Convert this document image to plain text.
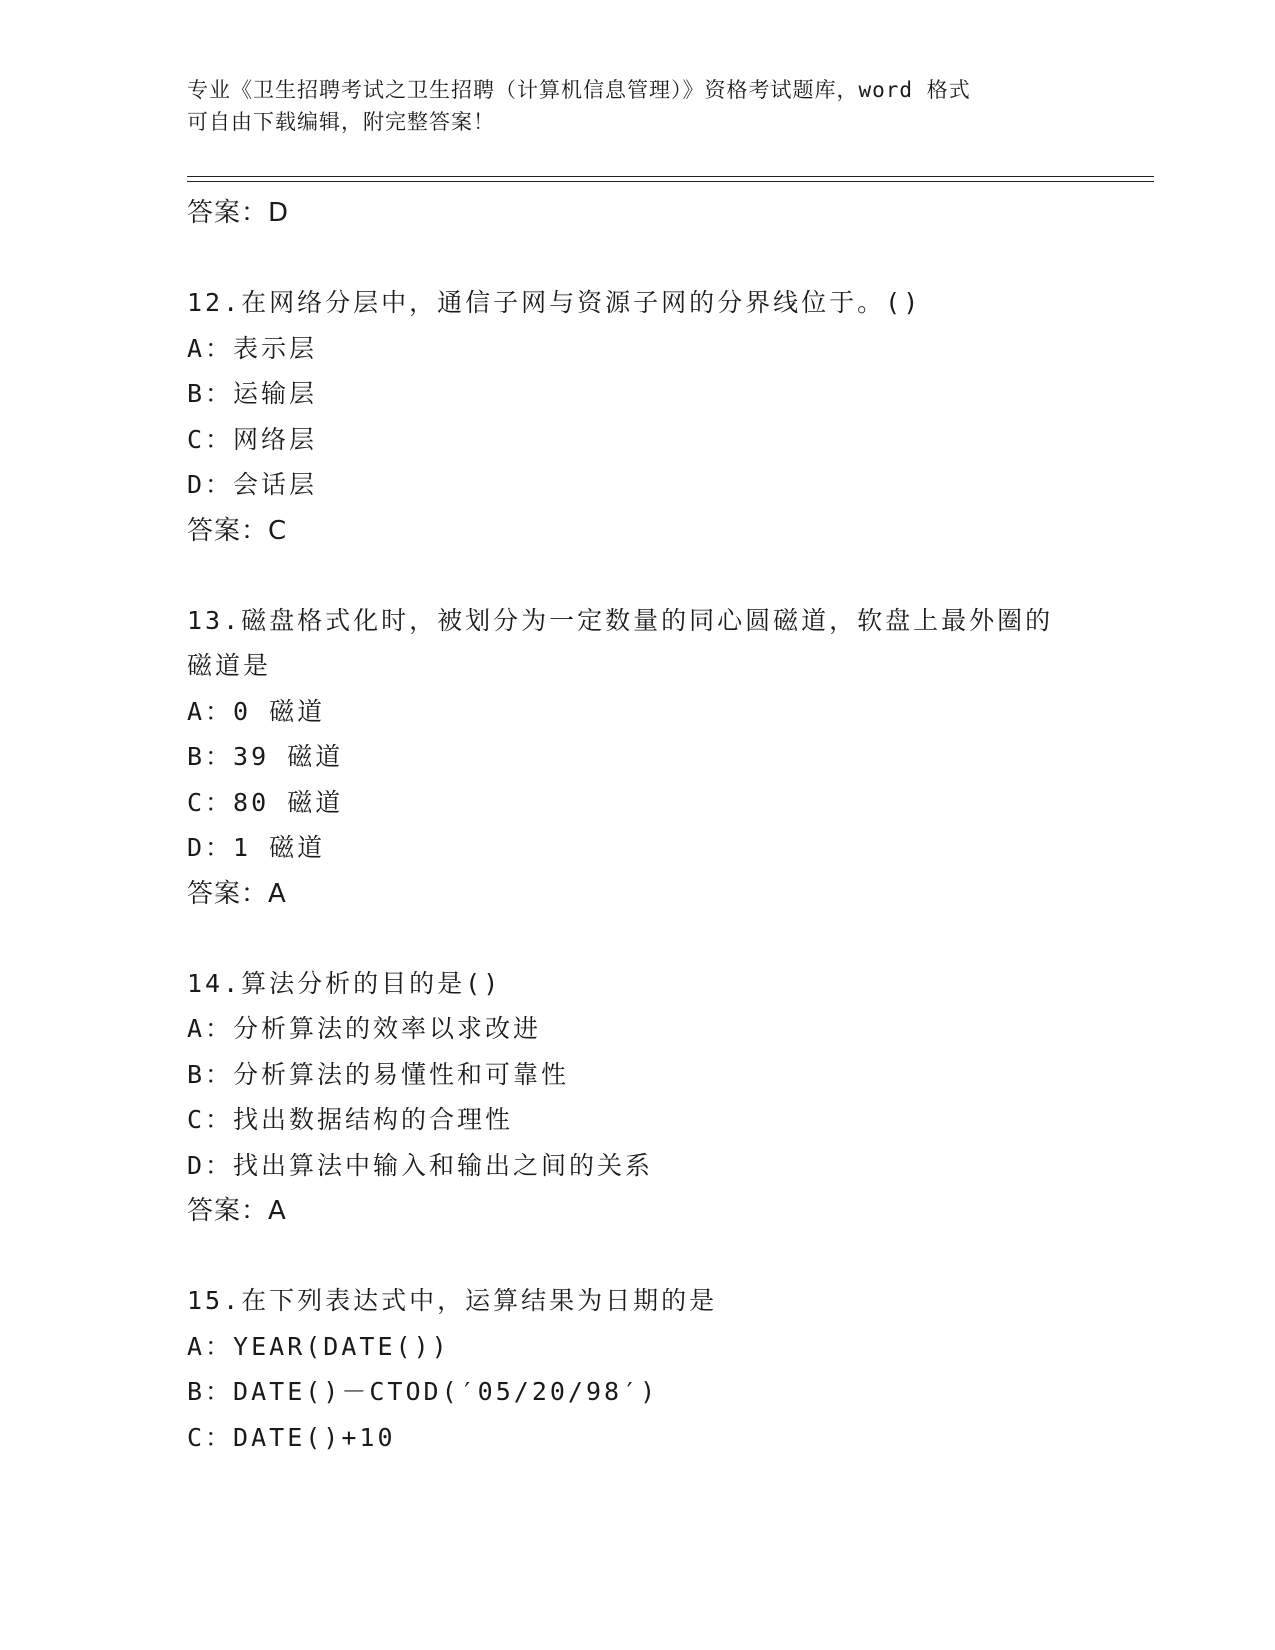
专业《卫生招聘考试之卫生招聘（计算机信息管理）》资格考试题库，word 格式
可自由下载编辑，附完整答案！
答案：D
12.在网络分层中，通信子网与资源子网的分界线位于。()
A：表示层
B：运输层
C：网络层
D：会话层
答案：C
13.磁盘格式化时，被划分为一定数量的同心圆磁道，软盘上最外圈的
磁道是
A：0 磁道
B：39 磁道
C：80 磁道
D：1 磁道
答案：A
14.算法分析的目的是()
A：分析算法的效率以求改进
B：分析算法的易懂性和可靠性
C：找出数据结构的合理性
D：找出算法中输入和输出之间的关系
答案：A
15.在下列表达式中，运算结果为日期的是
A：YEAR(DATE())
B：DATE()－CTOD(′05/20/98′)
C：DATE()+10
